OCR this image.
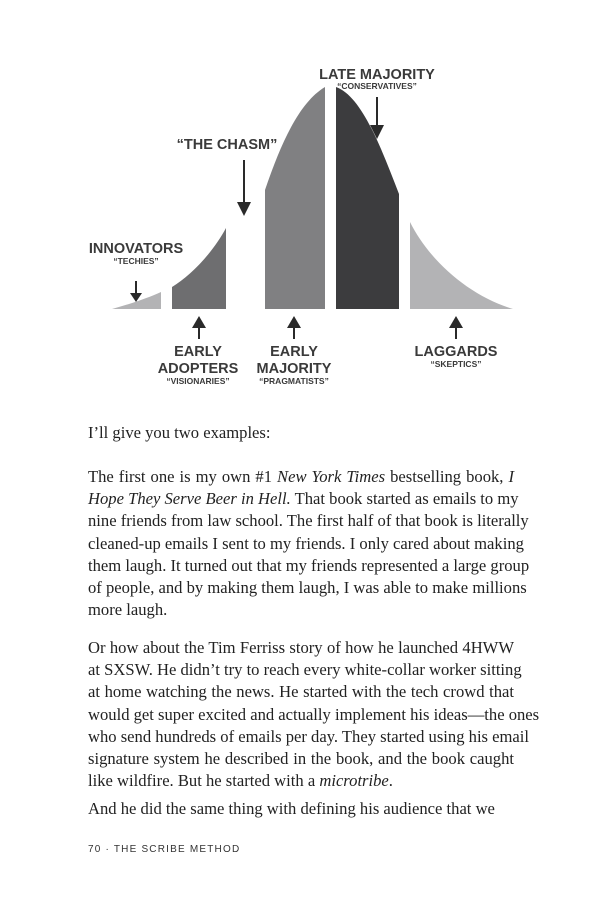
LATE MAJORITY
“CONSERVATIVES”
“THE CHASM”
INNOVATORS
“TECHIES”
EARLY
ADOPTERS
“VISIONARIES”
EARLY
MAJORITY
“PRAGMATISTS”
LAGGARDS
“SKEPTICS”
I’ll give you two examples:
The first one is my own #1 New York Times bestselling book, I
Hope They Serve Beer in Hell. That book started as emails to my
nine friends from law school. The first half of that book is literally
cleaned-up emails I sent to my friends. I only cared about making
them laugh. It turned out that my friends represented a large group
of people, and by making them laugh, I was able to make millions
more laugh.
Or how about the Tim Ferriss story of how he launched 4HWW
at SXSW. He didn’t try to reach every white-collar worker sitting
at home watching the news. He started with the tech crowd that
would get super excited and actually implement his ideas—the ones
who send hundreds of emails per day. They started using his email
signature system he described in the book, and the book caught
like wildfire. But he started with a microtribe.
And he did the same thing with defining his audience that we
70 · THE SCRIBE METHOD
